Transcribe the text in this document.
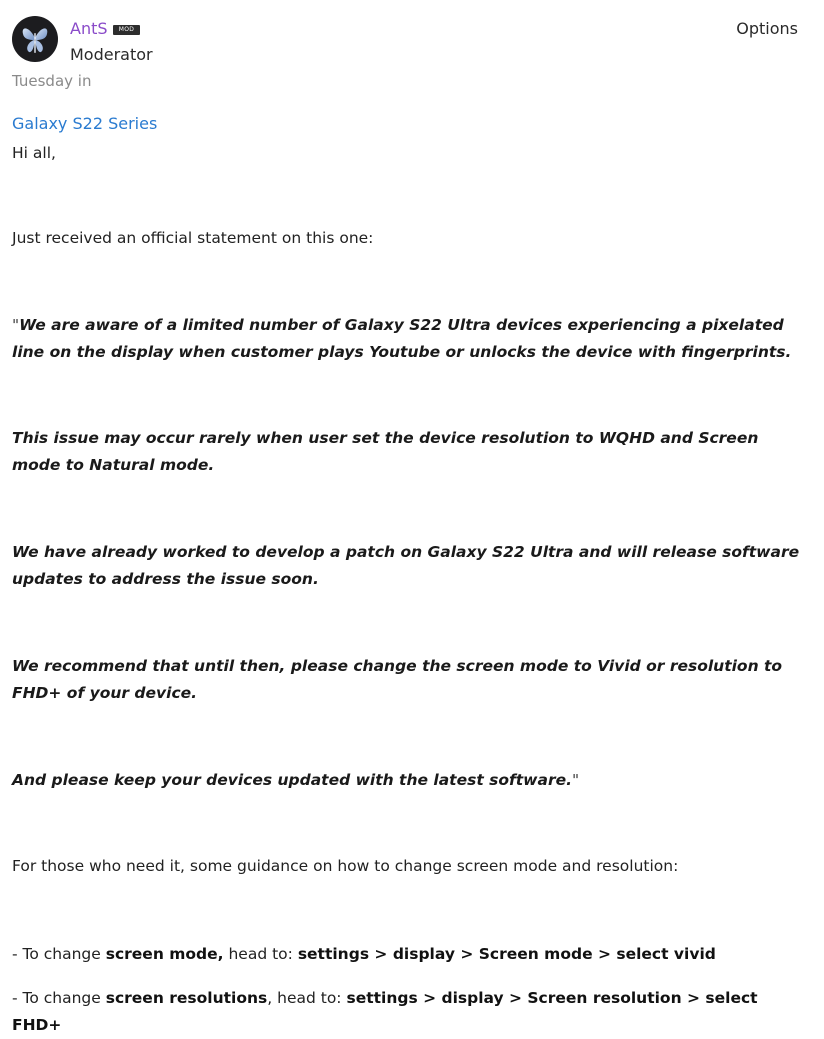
AntS	MOD
Moderator
Options
Tuesday in
Galaxy S22 Series
Hi all,
Just received an official statement on this one:
"We are aware of a limited number of Galaxy S22 Ultra devices experiencing a pixelated line on the display when customer plays Youtube or unlocks the device with fingerprints.
This issue may occur rarely when user set the device resolution to WQHD and Screen mode to Natural mode.
We have already worked to develop a patch on Galaxy S22 Ultra and will release software updates to address the issue soon.
We recommend that until then, please change the screen mode to Vivid or resolution to FHD+ of your device.
And please keep your devices updated with the latest software."
For those who need it, some guidance on how to change screen mode and resolution:
- To change screen mode, head to: settings > display > Screen mode > select vivid
- To change screen resolutions, head to: settings > display > Screen resolution > select FHD+
